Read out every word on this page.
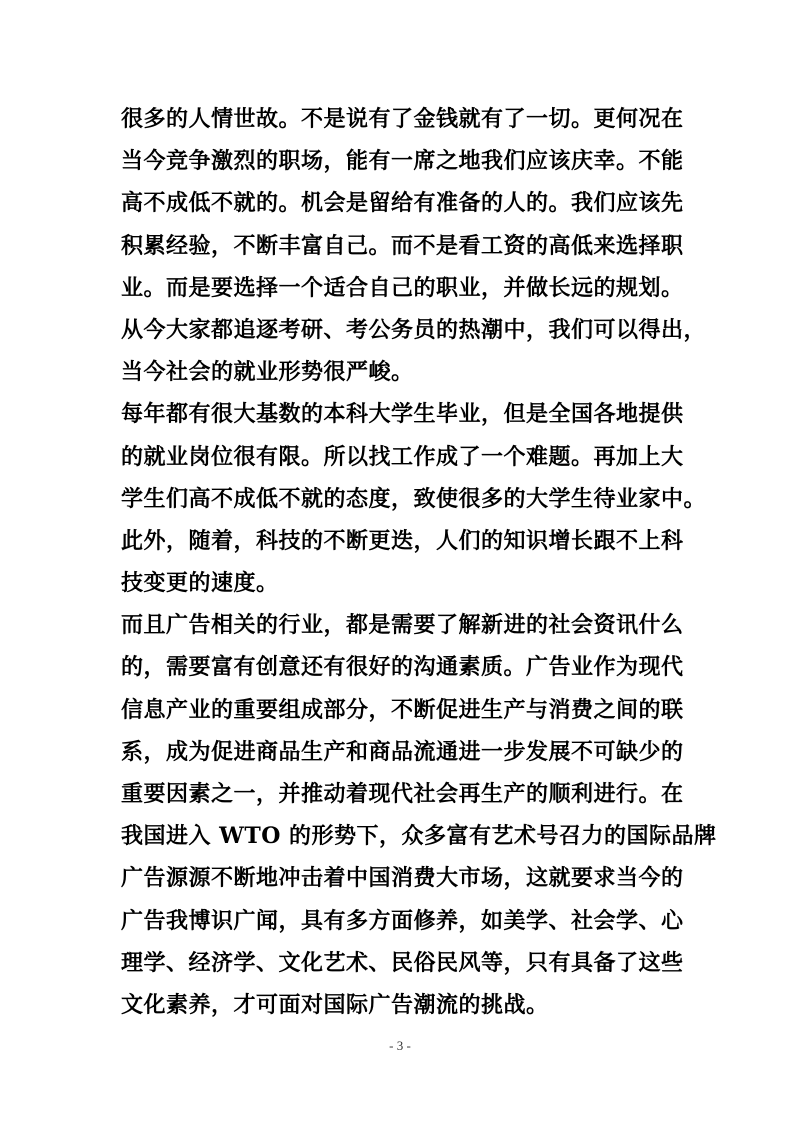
很多的人情世故。不是说有了金钱就有了一切。更何况在
当今竞争激烈的职场，能有一席之地我们应该庆幸。不能
高不成低不就的。机会是留给有准备的人的。我们应该先
积累经验，不断丰富自己。而不是看工资的高低来选择职
业。而是要选择一个适合自己的职业，并做长远的规划。
从今大家都追逐考研、考公务员的热潮中，我们可以得出，
当今社会的就业形势很严峻。
每年都有很大基数的本科大学生毕业，但是全国各地提供
的就业岗位很有限。所以找工作成了一个难题。再加上大
学生们高不成低不就的态度，致使很多的大学生待业家中。
此外，随着，科技的不断更迭，人们的知识增长跟不上科
技变更的速度。
而且广告相关的行业，都是需要了解新进的社会资讯什么
的，需要富有创意还有很好的沟通素质。广告业作为现代
信息产业的重要组成部分，不断促进生产与消费之间的联
系，成为促进商品生产和商品流通进一步发展不可缺少的
重要因素之一，并推动着现代社会再生产的顺利进行。在
我国进入 WTO 的形势下，众多富有艺术号召力的国际品牌
广告源源不断地冲击着中国消费大市场，这就要求当今的
广告我博识广闻，具有多方面修养，如美学、社会学、心
理学、经济学、文化艺术、民俗民风等，只有具备了这些
文化素养，才可面对国际广告潮流的挑战。
- 3 -
